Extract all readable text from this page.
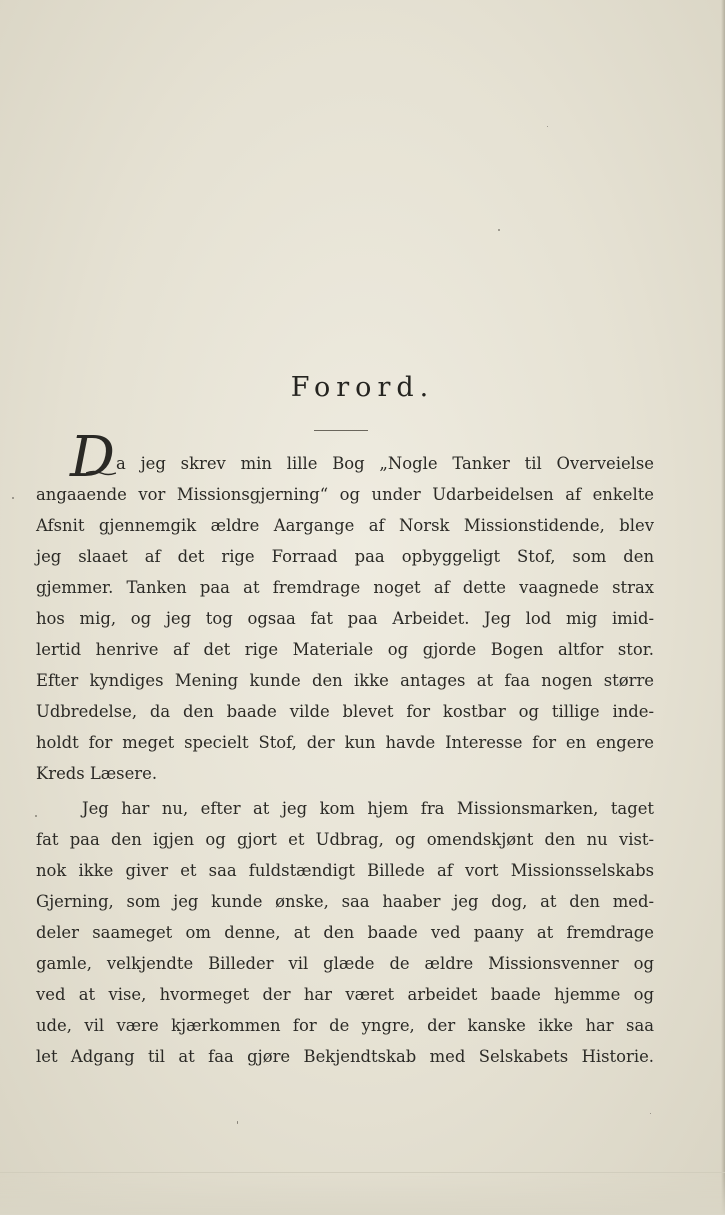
Forord.
D a jeg skrev min lille Bog „Nogle Tanker til Overveielse
angaaende vor Missionsgjerning“ og under Udarbeidelsen af enkelte
Afsnit gjennemgik ældre Aargange af Norsk Missionstidende, blev
jeg slaaet af det rige Forraad paa opbyggeligt Stof, som den
gjemmer. Tanken paa at fremdrage noget af dette vaagnede strax
hos mig, og jeg tog ogsaa fat paa Arbeidet. Jeg lod mig imid-
lertid henrive af det rige Materiale og gjorde Bogen altfor stor.
Efter kyndiges Mening kunde den ikke antages at faa nogen større
Udbredelse, da den baade vilde blevet for kostbar og tillige inde-
holdt for meget specielt Stof, der kun havde Interesse for en engere
Kreds Læsere.
Jeg har nu, efter at jeg kom hjem fra Missionsmarken, taget
fat paa den igjen og gjort et Udbrag, og omendskjønt den nu vist-
nok ikke giver et saa fuldstændigt Billede af vort Missionsselskabs
Gjerning, som jeg kunde ønske, saa haaber jeg dog, at den med-
deler saameget om denne, at den baade ved paany at fremdrage
gamle, velkjendte Billeder vil glæde de ældre Missionsvenner og
ved at vise, hvormeget der har været arbeidet baade hjemme og
ude, vil være kjærkommen for de yngre, der kanske ikke har saa
let Adgang til at faa gjøre Bekjendtskab med Selskabets Historie.
